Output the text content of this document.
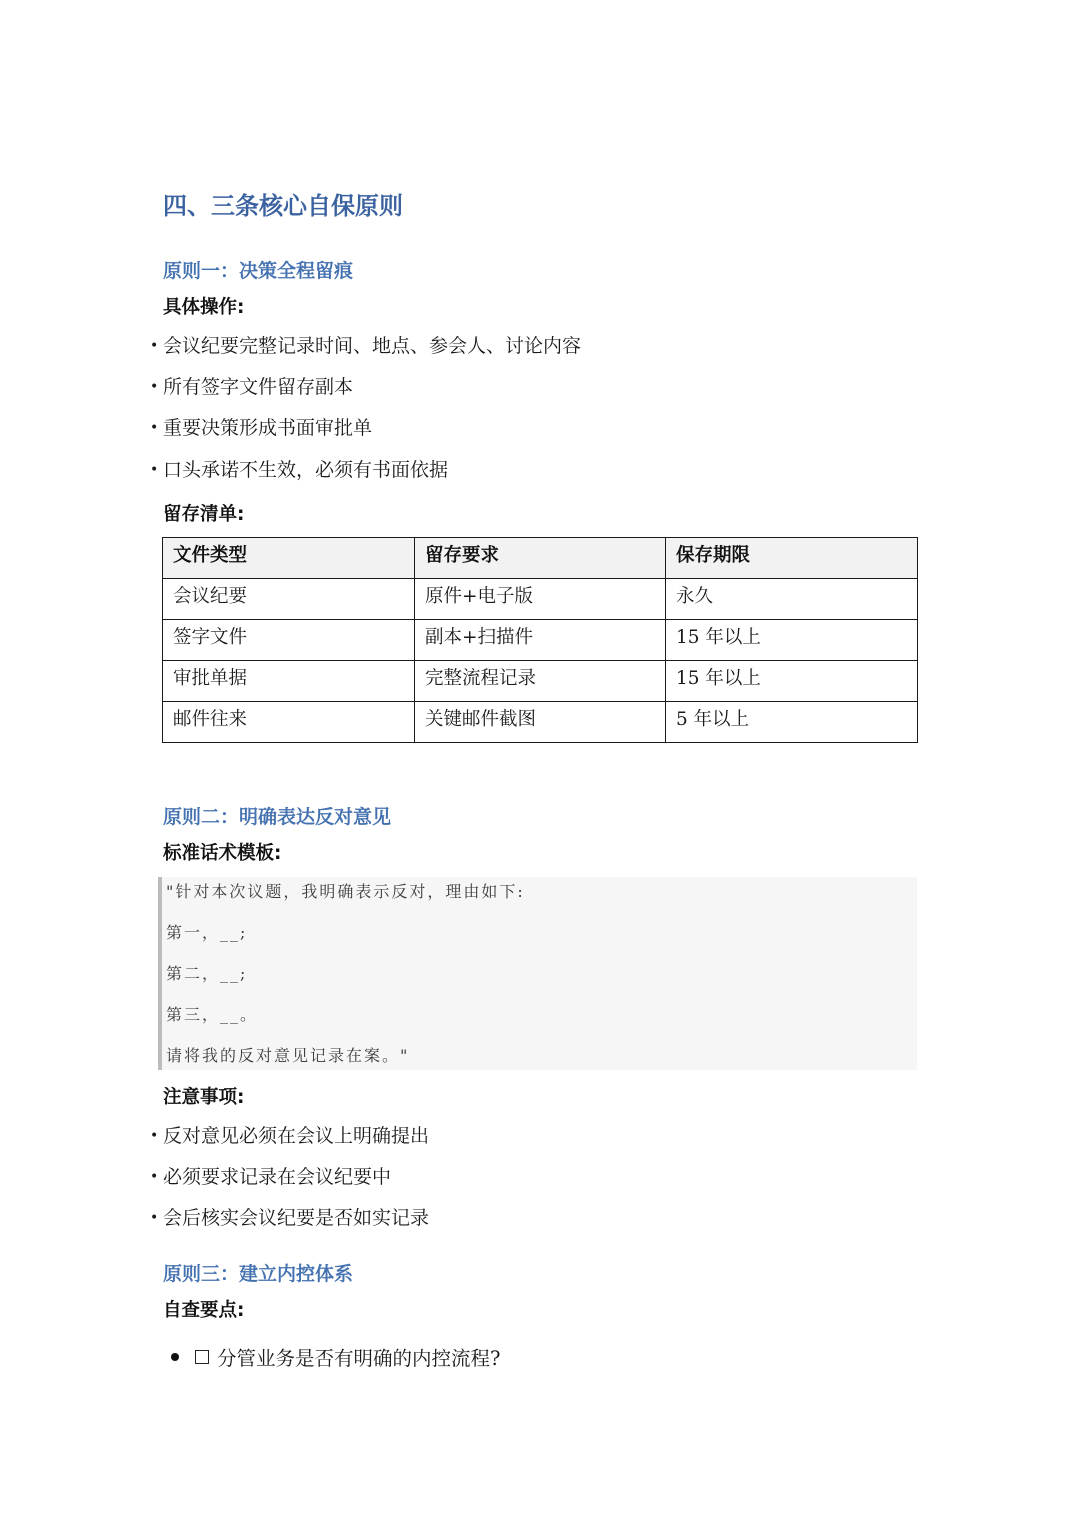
四、三条核心自保原则
原则一：决策全程留痕
具体操作:
• 会议纪要完整记录时间、地点、参会人、讨论内容
• 所有签字文件留存副本
• 重要决策形成书面审批单
• 口头承诺不生效，必须有书面依据
留存清单:
文件类型	留存要求	保存期限
会议纪要	原件+电子版	永久
签字文件	副本+扫描件	15 年以上
审批单据	完整流程记录	15 年以上
邮件往来	关键邮件截图	5 年以上
原则二：明确表达反对意见
标准话术模板:
"针对本次议题，我明确表示反对，理由如下:
第一，__;
第二，__;
第三，__。
请将我的反对意见记录在案。"
注意事项:
• 反对意见必须在会议上明确提出
• 必须要求记录在会议纪要中
• 会后核实会议纪要是否如实记录
原则三：建立内控体系
自查要点:
分管业务是否有明确的内控流程?
